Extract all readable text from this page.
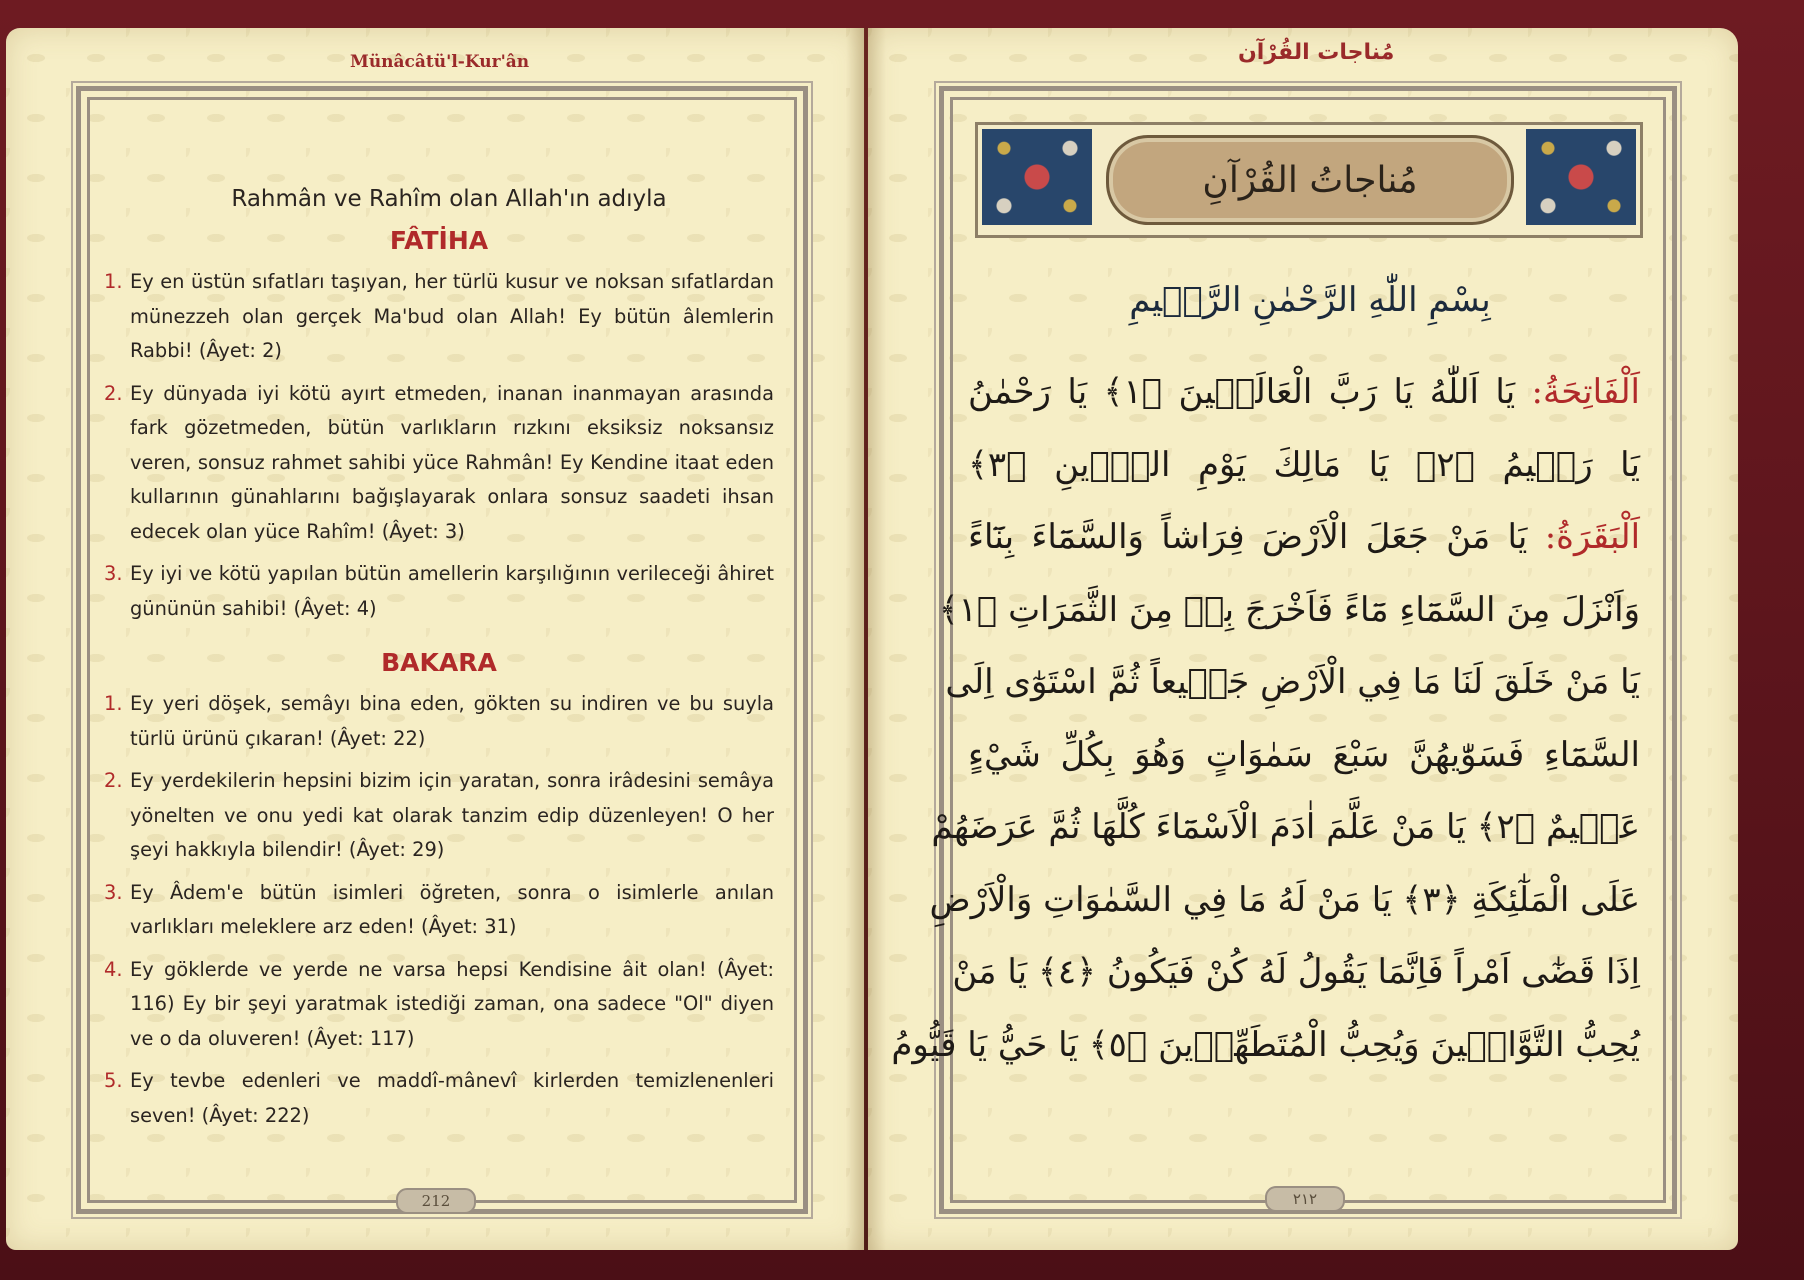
Münâcâtü'l-Kur'ân
Rahmân ve Rahîm olan Allah'ın adıyla
FÂTİHA
1. Ey en üstün sıfatları taşıyan, her türlü kusur ve noksan sıfatlardan münezzeh olan gerçek Ma'bud olan Allah! Ey bütün âlemlerin Rabbi! (Âyet: 2)
2. Ey dünyada iyi kötü ayırt etmeden, inanan inanmayan arasında fark gözetmeden, bütün varlıkların rızkını eksiksiz noksansız veren, sonsuz rahmet sahibi yüce Rahmân! Ey Kendine itaat eden kullarının günahlarını bağışlayarak onlara sonsuz saadeti ihsan edecek olan yüce Rahîm! (Âyet: 3)
3. Ey iyi ve kötü yapılan bütün amellerin karşılığının verileceği âhiret gününün sahibi! (Âyet: 4)
BAKARA
1. Ey yeri döşek, semâyı bina eden, gökten su indiren ve bu suyla türlü ürünü çıkaran! (Âyet: 22)
2. Ey yerdekilerin hepsini bizim için yaratan, sonra irâdesini semâya yönelten ve onu yedi kat olarak tanzim edip düzenleyen! O her şeyi hakkıyla bilendir! (Âyet: 29)
3. Ey Âdem'e bütün isimleri öğreten, sonra o isimlerle anılan varlıkları meleklere arz eden! (Âyet: 31)
4. Ey göklerde ve yerde ne varsa hepsi Kendisine âit olan! (Âyet: 116) Ey bir şeyi yaratmak istediği zaman, ona sadece "Ol" diyen ve o da oluveren! (Âyet: 117)
5. Ey tevbe edenleri ve maddî-mânevî kirlerden temizlenenleri seven! (Âyet: 222)
212
مُناجات القُرْآن
مُناجاتُ القُرْآنِ
بِسْمِ اللّٰهِ الرَّحْمٰنِ الرَّح۪يمِ
اَلْفَاتِحَةُ: يَا اَللّٰهُ يَا رَبَّ الْعَالَم۪ينَ ﴿١﴾ يَا رَحْمٰنُ
يَا رَح۪يمُ ﴿٢﴾ يَا مَالِكَ يَوْمِ الدّ۪ينِ ﴿٣﴾
اَلْبَقَرَةُ: يَا مَنْ جَعَلَ الْاَرْضَ فِرَاشاً وَالسَّمَٓاءَ بِنَٓاءً
وَاَنْزَلَ مِنَ السَّمَٓاءِ مَٓاءً فَاَخْرَجَ بِه۪ مِنَ الثَّمَرَاتِ ﴿١﴾
يَا مَنْ خَلَقَ لَنَا مَا فِي الْاَرْضِ جَم۪يعاً ثُمَّ اسْتَوٰٓى اِلَى
السَّمَٓاءِ فَسَوّٰيهُنَّ سَبْعَ سَمٰوَاتٍ وَهُوَ بِكُلِّ شَيْءٍ
عَل۪يمٌ ﴿٢﴾ يَا مَنْ عَلَّمَ اٰدَمَ الْاَسْمَٓاءَ كُلَّهَا ثُمَّ عَرَضَهُمْ
عَلَى الْمَلٰٓئِكَةِ ﴿٣﴾ يَا مَنْ لَهُ مَا فِي السَّمٰوَاتِ وَالْاَرْضِ
اِذَا قَضٰٓى اَمْراً فَاِنَّمَا يَقُولُ لَهُ كُنْ فَيَكُونُ ﴿٤﴾ يَا مَنْ
يُحِبُّ التَّوَّاب۪ينَ وَيُحِبُّ الْمُتَطَهِّر۪ينَ ﴿٥﴾ يَا حَيُّ يَا قَيُّومُ
٢١٢
